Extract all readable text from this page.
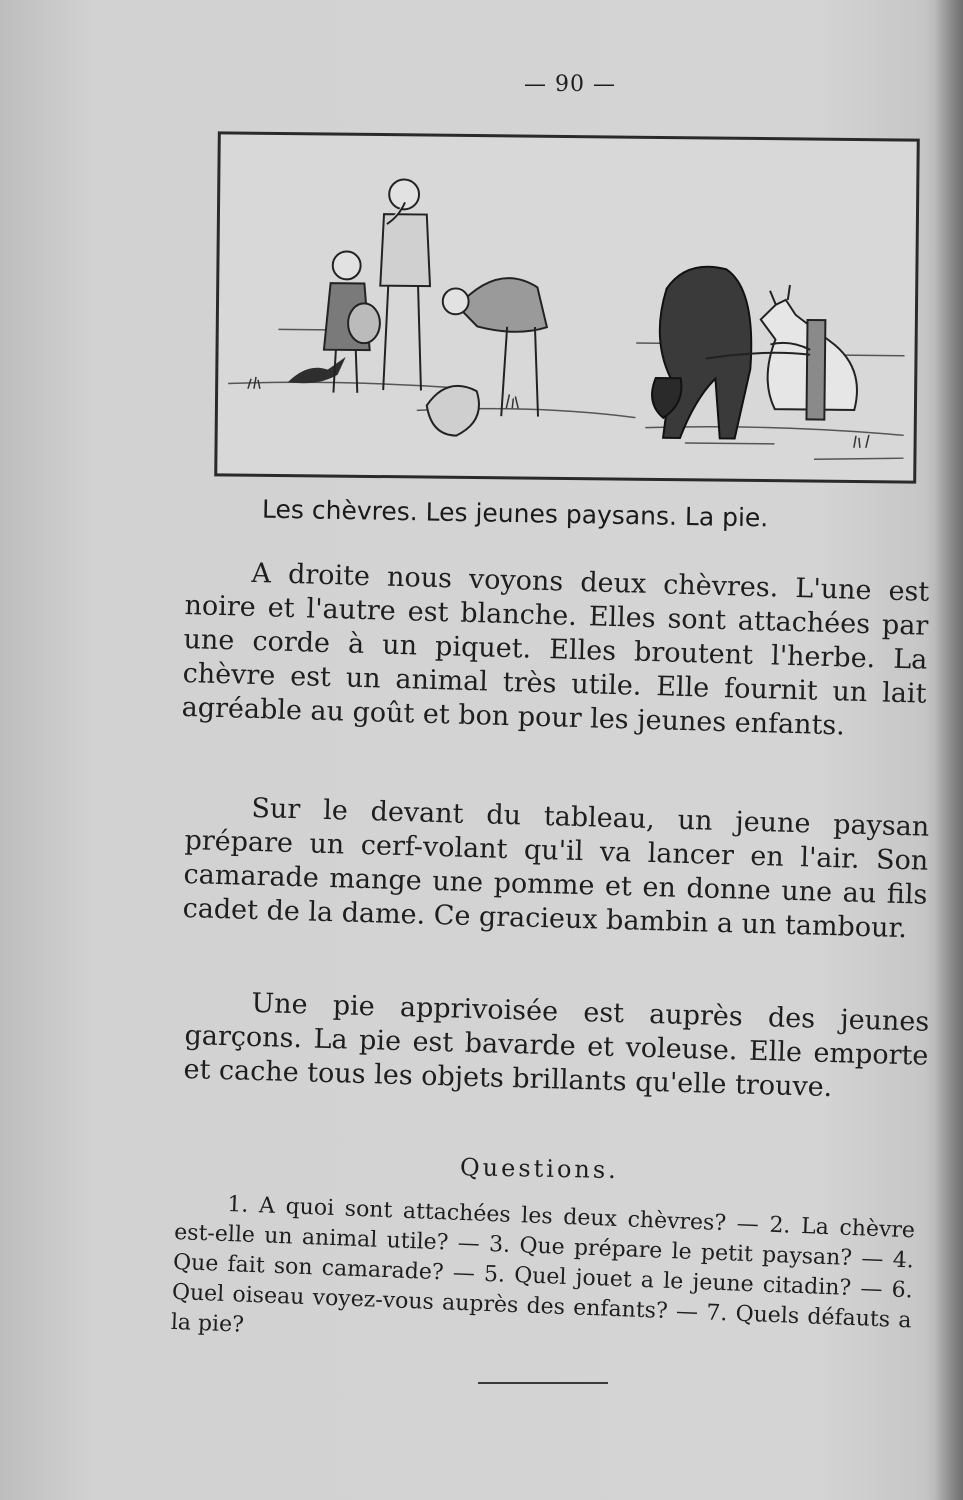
— 90 —
Les chèvres. Les jeunes paysans. La pie.

A droite nous voyons deux chèvres. L'une est noire et l'autre est blanche. Elles sont attachées par une corde à un piquet. Elles broutent l'herbe. La chèvre est un animal très utile. Elle fournit un lait agréable au goût et bon pour les jeunes enfants.

Sur le devant du tableau, un jeune paysan prépare un cerf-volant qu'il va lancer en l'air. Son camarade mange une pomme et en donne une au fils cadet de la dame. Ce gracieux bambin a un tambour.

Une pie apprivoisée est auprès des jeunes garçons. La pie est bavarde et voleuse. Elle emporte et cache tous les objets brillants qu'elle trouve.

Questions.

1. A quoi sont attachées les deux chèvres? — 2. La chèvre est-elle un animal utile? — 3. Que prépare le petit paysan? — 4. Que fait son camarade? — 5. Quel jouet a le jeune citadin? — 6. Quel oiseau voyez-vous auprès des enfants? — 7. Quels défauts a la pie?
